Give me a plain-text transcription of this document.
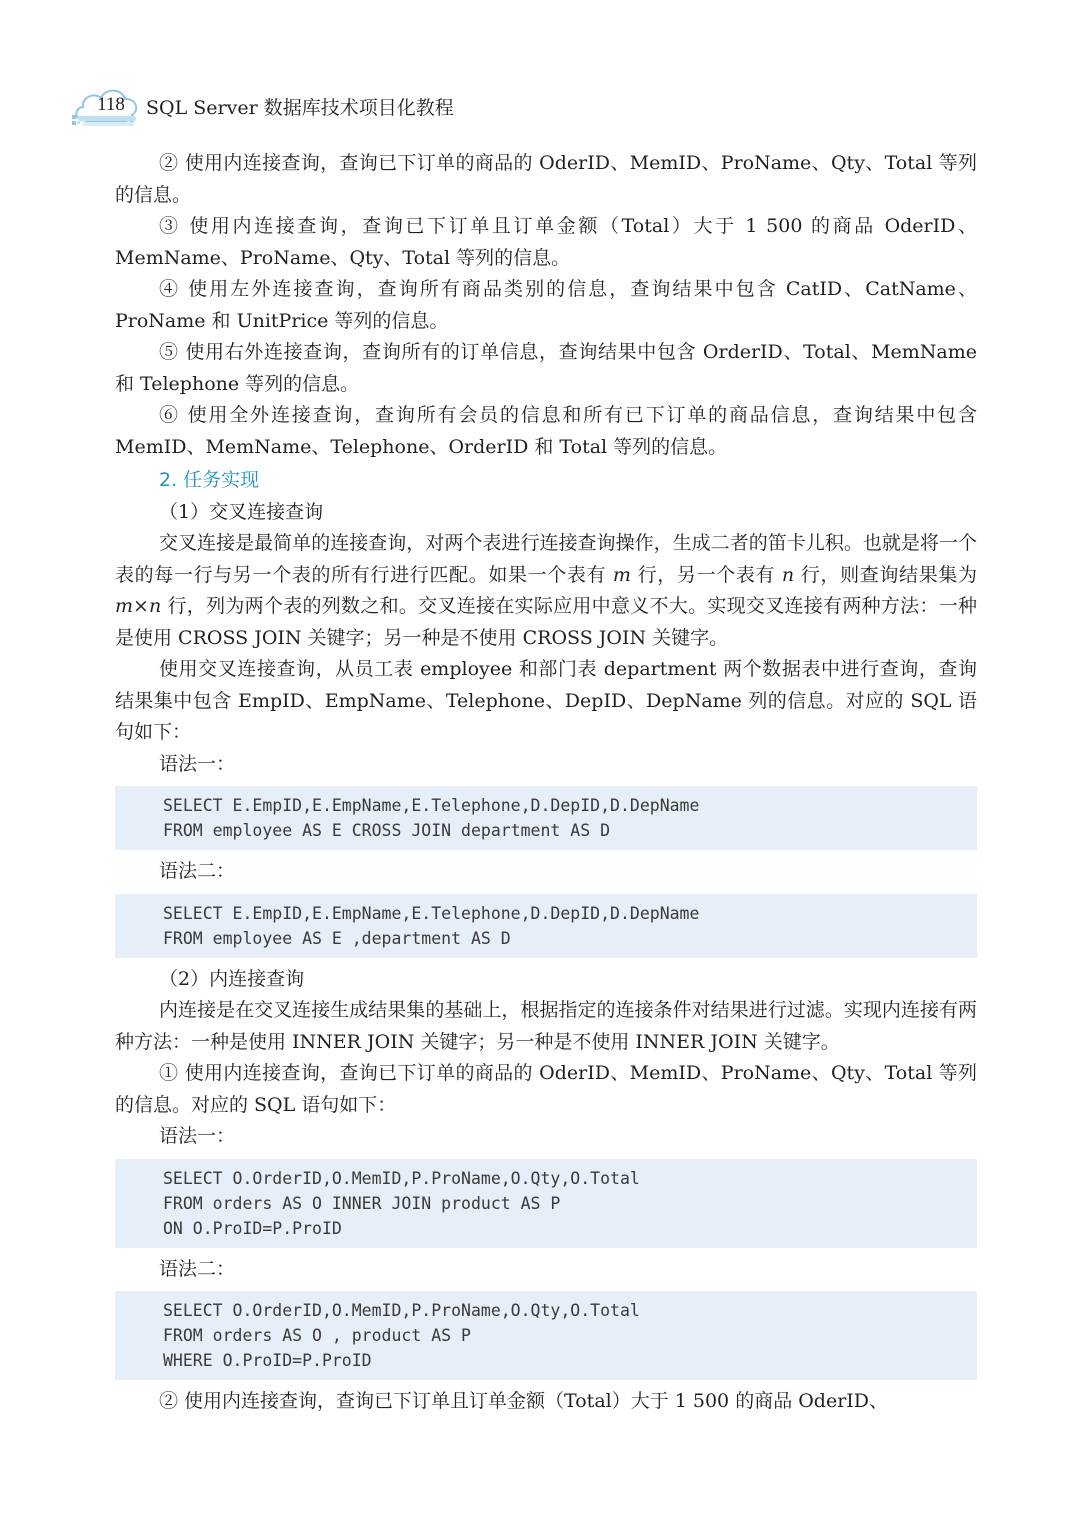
118	SQL Server 数据库技术项目化教程

② 使用内连接查询，查询已下订单的商品的 OderID、MemID、ProName、Qty、Total 等列的信息。

③ 使用内连接查询，查询已下订单且订单金额（Total）大于 1 500 的商品 OderID、MemName、ProName、Qty、Total 等列的信息。

④ 使用左外连接查询，查询所有商品类别的信息，查询结果中包含 CatID、CatName、ProName 和 UnitPrice 等列的信息。

⑤ 使用右外连接查询，查询所有的订单信息，查询结果中包含 OrderID、Total、MemName 和 Telephone 等列的信息。

⑥ 使用全外连接查询，查询所有会员的信息和所有已下订单的商品信息，查询结果中包含 MemID、MemName、Telephone、OrderID 和 Total 等列的信息。

2. 任务实现
（1）交叉连接查询

交叉连接是最简单的连接查询，对两个表进行连接查询操作，生成二者的笛卡儿积。也就是将一个表的每一行与另一个表的所有行进行匹配。如果一个表有 m 行，另一个表有 n 行，则查询结果集为 m×n 行，列为两个表的列数之和。交叉连接在实际应用中意义不大。实现交叉连接有两种方法：一种是使用 CROSS JOIN 关键字；另一种是不使用 CROSS JOIN 关键字。

使用交叉连接查询，从员工表 employee 和部门表 department 两个数据表中进行查询，查询结果集中包含 EmpID、EmpName、Telephone、DepID、DepName 列的信息。对应的 SQL 语句如下：

语法一：
SELECT E.EmpID,E.EmpName,E.Telephone,D.DepID,D.DepName
FROM employee AS E CROSS JOIN department AS D
语法二：
SELECT E.EmpID,E.EmpName,E.Telephone,D.DepID,D.DepName
FROM employee AS E ,department AS D
（2）内连接查询

内连接是在交叉连接生成结果集的基础上，根据指定的连接条件对结果进行过滤。实现内连接有两种方法：一种是使用 INNER JOIN 关键字；另一种是不使用 INNER JOIN 关键字。

① 使用内连接查询，查询已下订单的商品的 OderID、MemID、ProName、Qty、Total 等列的信息。对应的 SQL 语句如下：

语法一：
SELECT O.OrderID,O.MemID,P.ProName,O.Qty,O.Total
FROM orders AS O INNER JOIN product AS P
ON O.ProID=P.ProID
语法二：
SELECT O.OrderID,O.MemID,P.ProName,O.Qty,O.Total
FROM orders AS O , product AS P
WHERE O.ProID=P.ProID

② 使用内连接查询，查询已下订单且订单金额（Total）大于 1 500 的商品 OderID、
